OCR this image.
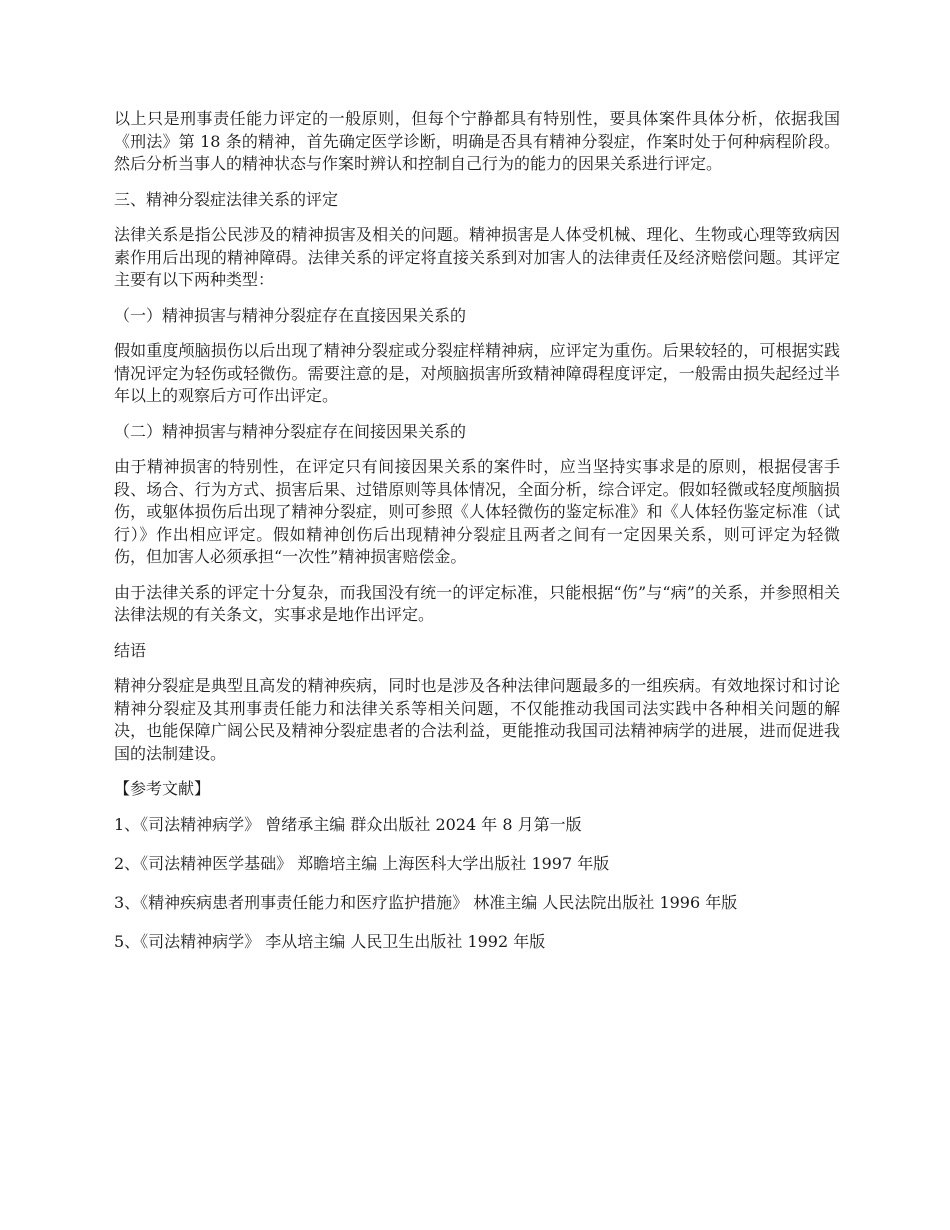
以上只是刑事责任能力评定的一般原则，但每个宁静都具有特别性，要具体案件具体分析，依据我国《刑法》第 18 条的精神，首先确定医学诊断，明确是否具有精神分裂症，作案时处于何种病程阶段。然后分析当事人的精神状态与作案时辨认和控制自己行为的能力的因果关系进行评定。

三、精神分裂症法律关系的评定

法律关系是指公民涉及的精神损害及相关的问题。精神损害是人体受机械、理化、生物或心理等致病因素作用后出现的精神障碍。法律关系的评定将直接关系到对加害人的法律责任及经济赔偿问题。其评定主要有以下两种类型：

（一）精神损害与精神分裂症存在直接因果关系的

假如重度颅脑损伤以后出现了精神分裂症或分裂症样精神病，应评定为重伤。后果较轻的，可根据实践情况评定为轻伤或轻微伤。需要注意的是，对颅脑损害所致精神障碍程度评定，一般需由损失起经过半年以上的观察后方可作出评定。

（二）精神损害与精神分裂症存在间接因果关系的

由于精神损害的特别性，在评定只有间接因果关系的案件时，应当坚持实事求是的原则，根据侵害手段、场合、行为方式、损害后果、过错原则等具体情况，全面分析，综合评定。假如轻微或轻度颅脑损伤，或躯体损伤后出现了精神分裂症，则可参照《人体轻微伤的鉴定标准》和《人体轻伤鉴定标准（试行）》作出相应评定。假如精神创伤后出现精神分裂症且两者之间有一定因果关系，则可评定为轻微伤，但加害人必须承担“一次性”精神损害赔偿金。

由于法律关系的评定十分复杂，而我国没有统一的评定标准，只能根据“伤”与“病”的关系，并参照相关法律法规的有关条文，实事求是地作出评定。

结语

精神分裂症是典型且高发的精神疾病，同时也是涉及各种法律问题最多的一组疾病。有效地探讨和讨论精神分裂症及其刑事责任能力和法律关系等相关问题，不仅能推动我国司法实践中各种相关问题的解决，也能保障广阔公民及精神分裂症患者的合法利益，更能推动我国司法精神病学的进展，进而促进我国的法制建设。

【参考文献】

1、《司法精神病学》 曾绪承主编 群众出版社 2024 年 8 月第一版

2、《司法精神医学基础》 郑瞻培主编 上海医科大学出版社 1997 年版

3、《精神疾病患者刑事责任能力和医疗监护措施》 林准主编 人民法院出版社 1996 年版

5、《司法精神病学》 李从培主编 人民卫生出版社 1992 年版
